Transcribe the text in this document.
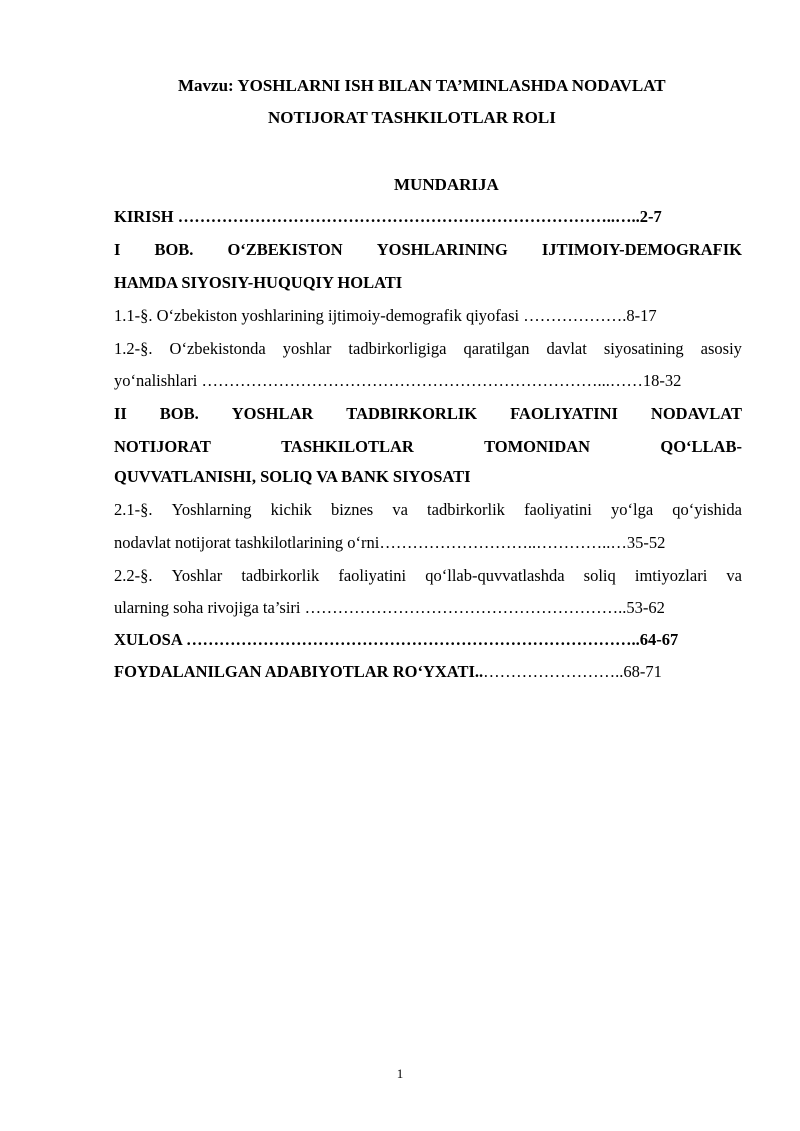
Mavzu: YOSHLARNI ISH BILAN TA’MINLASHDA NODAVLAT
NOTIJORAT TASHKILOTLAR ROLI
MUNDARIJA
KIRISH ……………………………………………………………………..…..2-7
I BOB. O‘ZBEKISTON YOSHLARINING IJTIMOIY-DEMOGRAFIK
HAMDA SIYOSIY-HUQUQIY HOLATI
1.1-§. O‘zbekiston yoshlarining ijtimoiy-demografik qiyofasi ……………….8-17
1.2-§. O‘zbekistonda yoshlar tadbirkorligiga qaratilgan davlat siyosatining asosiy
yo‘nalishlari ………………………………………………………………...……18-32
II BOB. YOSHLAR TADBIRKORLIK FAOLIYATINI NODAVLAT
NOTIJORAT	TASHKILOTLAR	TOMONIDAN	QO‘LLAB-
QUVVATLANISHI, SOLIQ VA BANK SIYOSATI
2.1-§. Yoshlarning kichik biznes va tadbirkorlik faoliyatini yo‘lga qo‘yishida
nodavlat notijorat tashkilotlarining o‘rni………………………..…………..…35-52
2.2-§. Yoshlar tadbirkorlik faoliyatini qo‘llab-quvvatlashda soliq imtiyozlari va
ularning soha rivojiga ta’siri …………………………………………………..53-62
XULOSA ………………………………………………………………………..64-67
FOYDALANILGAN ADABIYOTLAR RO‘YXATI..……………………..68-71
1
